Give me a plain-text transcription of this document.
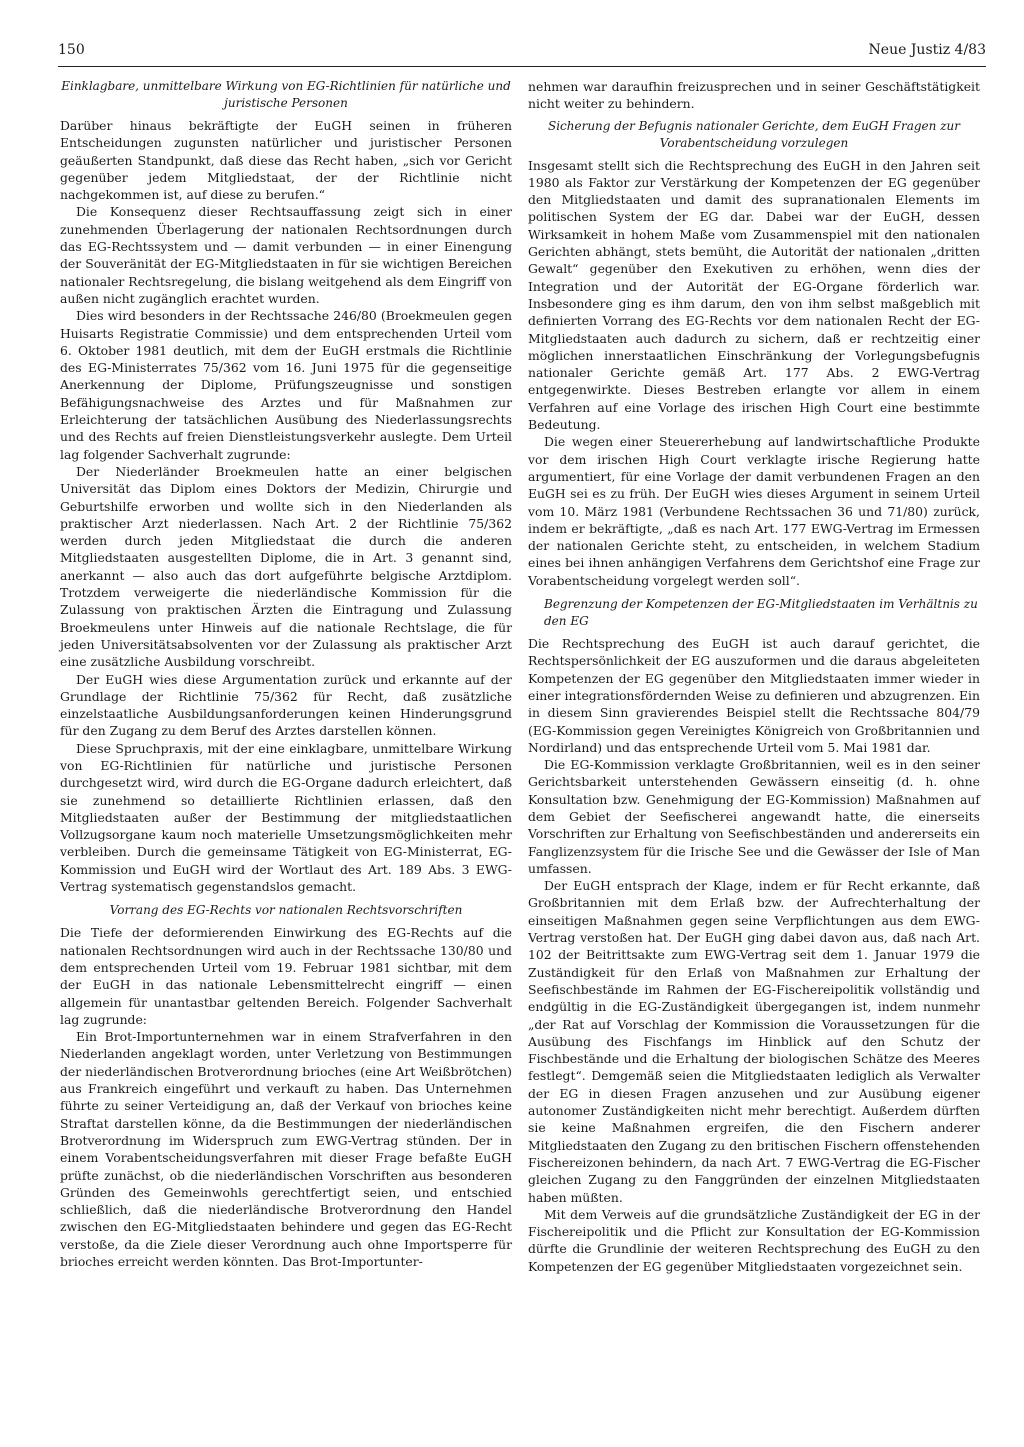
150	Neue Justiz 4/83

Einklagbare, unmittelbare Wirkung von EG-Richtlinien für natürliche und juristische Personen

Darüber hinaus bekräftigte der EuGH seinen in früheren Entscheidungen zugunsten natürlicher und juristischer Personen geäußerten Standpunkt, daß diese das Recht haben, „sich vor Gericht gegenüber jedem Mitgliedstaat, der der Richtlinie nicht nachgekommen ist, auf diese zu berufen.“

Die Konsequenz dieser Rechtsauffassung zeigt sich in einer zunehmenden Überlagerung der nationalen Rechtsordnungen durch das EG-Rechtssystem und — damit verbunden — in einer Einengung der Souveränität der EG-Mitgliedstaaten in für sie wichtigen Bereichen nationaler Rechtsregelung, die bislang weitgehend als dem Eingriff von außen nicht zugänglich erachtet wurden.

Dies wird besonders in der Rechtssache 246/80 (Broekmeulen gegen Huisarts Registratie Commissie) und dem entsprechenden Urteil vom 6. Oktober 1981 deutlich, mit dem der EuGH erstmals die Richtlinie des EG-Ministerrates 75/362 vom 16. Juni 1975 für die gegenseitige Anerkennung der Diplome, Prüfungszeugnisse und sonstigen Befähigungsnachweise des Arztes und für Maßnahmen zur Erleichterung der tatsächlichen Ausübung des Niederlassungsrechts und des Rechts auf freien Dienstleistungsverkehr auslegte. Dem Urteil lag folgender Sachverhalt zugrunde:

Der Niederländer Broekmeulen hatte an einer belgischen Universität das Diplom eines Doktors der Medizin, Chirurgie und Geburtshilfe erworben und wollte sich in den Niederlanden als praktischer Arzt niederlassen. Nach Art. 2 der Richtlinie 75/362 werden durch jeden Mitgliedstaat die durch die anderen Mitgliedstaaten ausgestellten Diplome, die in Art. 3 genannt sind, anerkannt — also auch das dort aufgeführte belgische Arztdiplom. Trotzdem verweigerte die niederländische Kommission für die Zulassung von praktischen Ärzten die Eintragung und Zulassung Broekmeulens unter Hinweis auf die nationale Rechtslage, die für jeden Universitätsabsolventen vor der Zulassung als praktischer Arzt eine zusätzliche Ausbildung vorschreibt.

Der EuGH wies diese Argumentation zurück und erkannte auf der Grundlage der Richtlinie 75/362 für Recht, daß zusätzliche einzelstaatliche Ausbildungsanforderungen keinen Hinderungsgrund für den Zugang zu dem Beruf des Arztes darstellen können.

Diese Spruchpraxis, mit der eine einklagbare, unmittelbare Wirkung von EG-Richtlinien für natürliche und juristische Personen durchgesetzt wird, wird durch die EG-Organe dadurch erleichtert, daß sie zunehmend so detaillierte Richtlinien erlassen, daß den Mitgliedstaaten außer der Bestimmung der mitgliedstaatlichen Vollzugsorgane kaum noch materielle Umsetzungsmöglichkeiten mehr verbleiben. Durch die gemeinsame Tätigkeit von EG-Ministerrat, EG-Kommission und EuGH wird der Wortlaut des Art. 189 Abs. 3 EWG-Vertrag systematisch gegenstandslos gemacht.

Vorrang des EG-Rechts vor nationalen Rechtsvorschriften

Die Tiefe der deformierenden Einwirkung des EG-Rechts auf die nationalen Rechtsordnungen wird auch in der Rechtssache 130/80 und dem entsprechenden Urteil vom 19. Februar 1981 sichtbar, mit dem der EuGH in das nationale Lebensmittelrecht eingriff — einen allgemein für unantastbar geltenden Bereich. Folgender Sachverhalt lag zugrunde:

Ein Brot-Importunternehmen war in einem Strafverfahren in den Niederlanden angeklagt worden, unter Verletzung von Bestimmungen der niederländischen Brotverordnung brioches (eine Art Weißbrötchen) aus Frankreich eingeführt und verkauft zu haben. Das Unternehmen führte zu seiner Verteidigung an, daß der Verkauf von brioches keine Straftat darstellen könne, da die Bestimmungen der niederländischen Brotverordnung im Widerspruch zum EWG-Vertrag stünden. Der in einem Vorabentscheidungsverfahren mit dieser Frage befaßte EuGH prüfte zunächst, ob die niederländischen Vorschriften aus besonderen Gründen des Gemeinwohls gerechtfertigt seien, und entschied schließlich, daß die niederländische Brotverordnung den Handel zwischen den EG-Mitgliedstaaten behindere und gegen das EG-Recht verstoße, da die Ziele dieser Verordnung auch ohne Importsperre für brioches erreicht werden könnten. Das Brot-Importunter-

nehmen war daraufhin freizusprechen und in seiner Geschäftstätigkeit nicht weiter zu behindern.

Sicherung der Befugnis nationaler Gerichte, dem EuGH Fragen zur Vorabentscheidung vorzulegen

Insgesamt stellt sich die Rechtsprechung des EuGH in den Jahren seit 1980 als Faktor zur Verstärkung der Kompetenzen der EG gegenüber den Mitgliedstaaten und damit des supranationalen Elements im politischen System der EG dar. Dabei war der EuGH, dessen Wirksamkeit in hohem Maße vom Zusammenspiel mit den nationalen Gerichten abhängt, stets bemüht, die Autorität der nationalen „dritten Gewalt“ gegenüber den Exekutiven zu erhöhen, wenn dies der Integration und der Autorität der EG-Organe förderlich war. Insbesondere ging es ihm darum, den von ihm selbst maßgeblich mit definierten Vorrang des EG-Rechts vor dem nationalen Recht der EG-Mitgliedstaaten auch dadurch zu sichern, daß er rechtzeitig einer möglichen innerstaatlichen Einschränkung der Vorlegungsbefugnis nationaler Gerichte gemäß Art. 177 Abs. 2 EWG-Vertrag entgegenwirkte. Dieses Bestreben erlangte vor allem in einem Verfahren auf eine Vorlage des irischen High Court eine bestimmte Bedeutung.

Die wegen einer Steuererhebung auf landwirtschaftliche Produkte vor dem irischen High Court verklagte irische Regierung hatte argumentiert, für eine Vorlage der damit verbundenen Fragen an den EuGH sei es zu früh. Der EuGH wies dieses Argument in seinem Urteil vom 10. März 1981 (Verbundene Rechtssachen 36 und 71/80) zurück, indem er bekräftigte, „daß es nach Art. 177 EWG-Vertrag im Ermessen der nationalen Gerichte steht, zu entscheiden, in welchem Stadium eines bei ihnen anhängigen Verfahrens dem Gerichtshof eine Frage zur Vorabentscheidung vorgelegt werden soll“.

Begrenzung der Kompetenzen der EG-Mitgliedstaaten im Verhältnis zu den EG

Die Rechtsprechung des EuGH ist auch darauf gerichtet, die Rechtspersönlichkeit der EG auszuformen und die daraus abgeleiteten Kompetenzen der EG gegenüber den Mitgliedstaaten immer wieder in einer integrationsfördernden Weise zu definieren und abzugrenzen. Ein in diesem Sinn gravierendes Beispiel stellt die Rechtssache 804/79 (EG-Kommission gegen Vereinigtes Königreich von Großbritannien und Nordirland) und das entsprechende Urteil vom 5. Mai 1981 dar.

Die EG-Kommission verklagte Großbritannien, weil es in den seiner Gerichtsbarkeit unterstehenden Gewässern einseitig (d. h. ohne Konsultation bzw. Genehmigung der EG-Kommission) Maßnahmen auf dem Gebiet der Seefischerei angewandt hatte, die einerseits Vorschriften zur Erhaltung von Seefischbeständen und andererseits ein Fanglizenzsystem für die Irische See und die Gewässer der Isle of Man umfassen.

Der EuGH entsprach der Klage, indem er für Recht erkannte, daß Großbritannien mit dem Erlaß bzw. der Aufrechterhaltung der einseitigen Maßnahmen gegen seine Verpflichtungen aus dem EWG-Vertrag verstoßen hat. Der EuGH ging dabei davon aus, daß nach Art. 102 der Beitrittsakte zum EWG-Vertrag seit dem 1. Januar 1979 die Zuständigkeit für den Erlaß von Maßnahmen zur Erhaltung der Seefischbestände im Rahmen der EG-Fischereipolitik vollständig und endgültig in die EG-Zuständigkeit übergegangen ist, indem nunmehr „der Rat auf Vorschlag der Kommission die Voraussetzungen für die Ausübung des Fischfangs im Hinblick auf den Schutz der Fischbestände und die Erhaltung der biologischen Schätze des Meeres festlegt“. Demgemäß seien die Mitgliedstaaten lediglich als Verwalter der EG in diesen Fragen anzusehen und zur Ausübung eigener autonomer Zuständigkeiten nicht mehr berechtigt. Außerdem dürften sie keine Maßnahmen ergreifen, die den Fischern anderer Mitgliedstaaten den Zugang zu den britischen Fischern offenstehenden Fischereizonen behindern, da nach Art. 7 EWG-Vertrag die EG-Fischer gleichen Zugang zu den Fanggründen der einzelnen Mitgliedstaaten haben müßten.

Mit dem Verweis auf die grundsätzliche Zuständigkeit der EG in der Fischereipolitik und die Pflicht zur Konsultation der EG-Kommission dürfte die Grundlinie der weiteren Rechtsprechung des EuGH zu den Kompetenzen der EG gegenüber Mitgliedstaaten vorgezeichnet sein.
